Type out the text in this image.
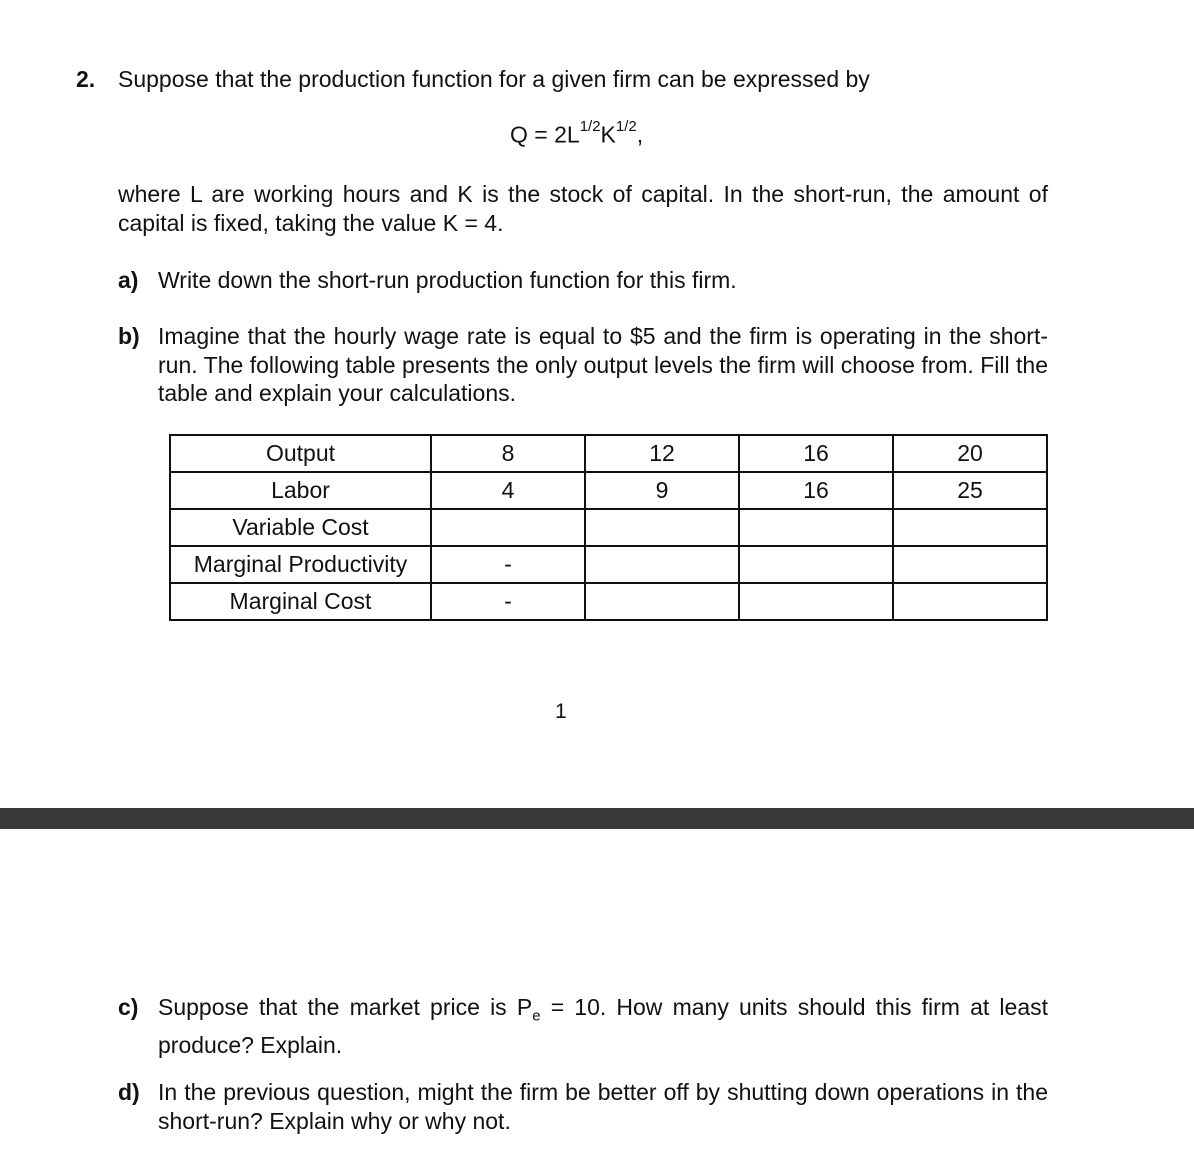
2. Suppose that the production function for a given firm can be expressed by
$Q = 2L^{1/2}K^{1/2}$,
where L are working hours and K is the stock of capital. In the short-run, the amount of capital is fixed, taking the value K = 4.
a) Write down the short-run production function for this firm.
b) Imagine that the hourly wage rate is equal to $5 and the firm is operating in the short-run. The following table presents the only output levels the firm will choose from. Fill the table and explain your calculations.
Output	8	12	16	20
Labor	4	9	16	25
Variable Cost				
Marginal Productivity	-			
Marginal Cost	-			
1
c) Suppose that the market price is $P_e = 10$. How many units should this firm at least produce? Explain.
d) In the previous question, might the firm be better off by shutting down operations in the short-run? Explain why or why not.
